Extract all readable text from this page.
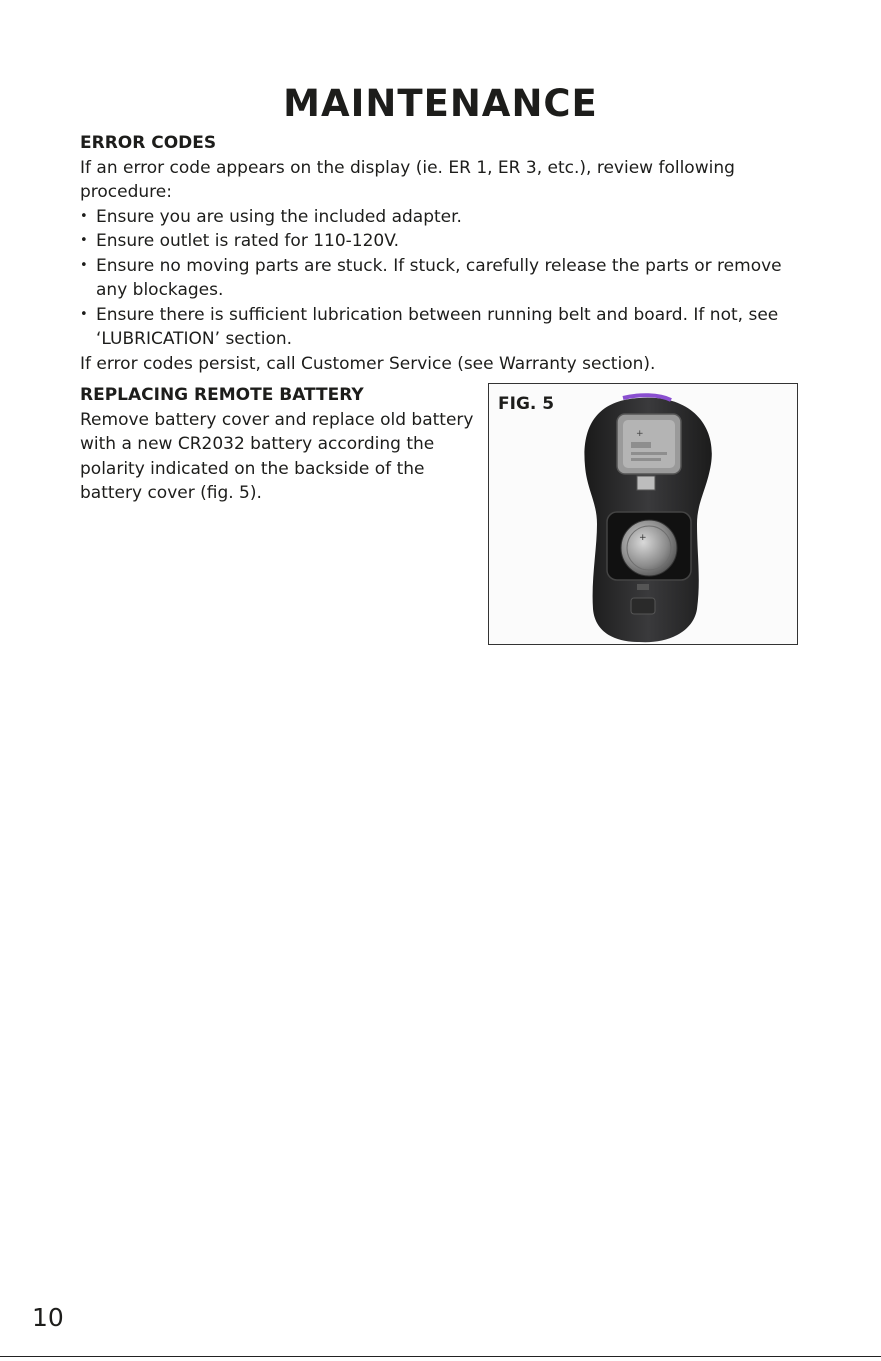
MAINTENANCE
ERROR CODES

If an error code appears on the display (ie. ER 1, ER 3, etc.), review following procedure:

• Ensure you are using the included adapter.
• Ensure outlet is rated for 110-120V.
• Ensure no moving parts are stuck. If stuck, carefully release the parts or remove any blockages.
• Ensure there is sufficient lubrication between running belt and board. If not, see ‘LUBRICATION’ section.

If error codes persist, call Customer Service (see Warranty section).

REPLACING REMOTE BATTERY

Remove battery cover and replace old battery with a new CR2032 battery according the polarity indicated on the backside of the battery cover (fig. 5).

FIG. 5
+
+
10
